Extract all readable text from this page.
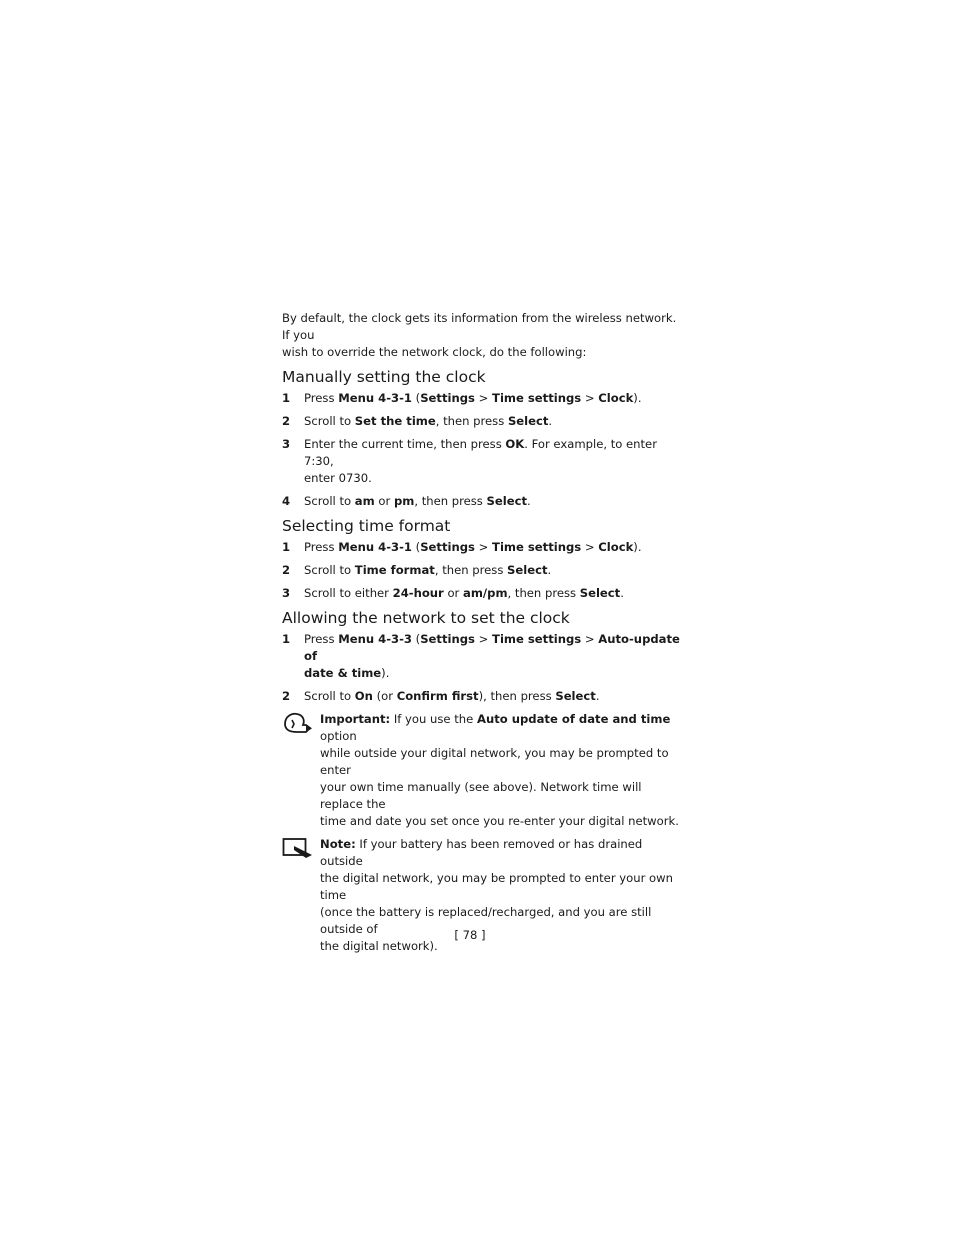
By default, the clock gets its information from the wireless network. If you
wish to override the network clock, do the following:

Manually setting the clock
1 Press Menu 4-3-1 (Settings > Time settings > Clock).
2 Scroll to Set the time, then press Select.
3 Enter the current time, then press OK. For example, to enter 7:30,
enter 0730.
4 Scroll to am or pm, then press Select.
Selecting time format
1 Press Menu 4-3-1 (Settings > Time settings > Clock).
2 Scroll to Time format, then press Select.
3 Scroll to either 24-hour or am/pm, then press Select.
Allowing the network to set the clock
1 Press Menu 4-3-3 (Settings > Time settings > Auto-update of
date & time).
2 Scroll to On (or Confirm first), then press Select.
Important: If you use the Auto update of date and time option
while outside your digital network, you may be prompted to enter
your own time manually (see above). Network time will replace the
time and date you set once you re-enter your digital network.
Note: If your battery has been removed or has drained outside
the digital network, you may be prompted to enter your own time
(once the battery is replaced/recharged, and you are still outside of
the digital network).
[ 78 ]
